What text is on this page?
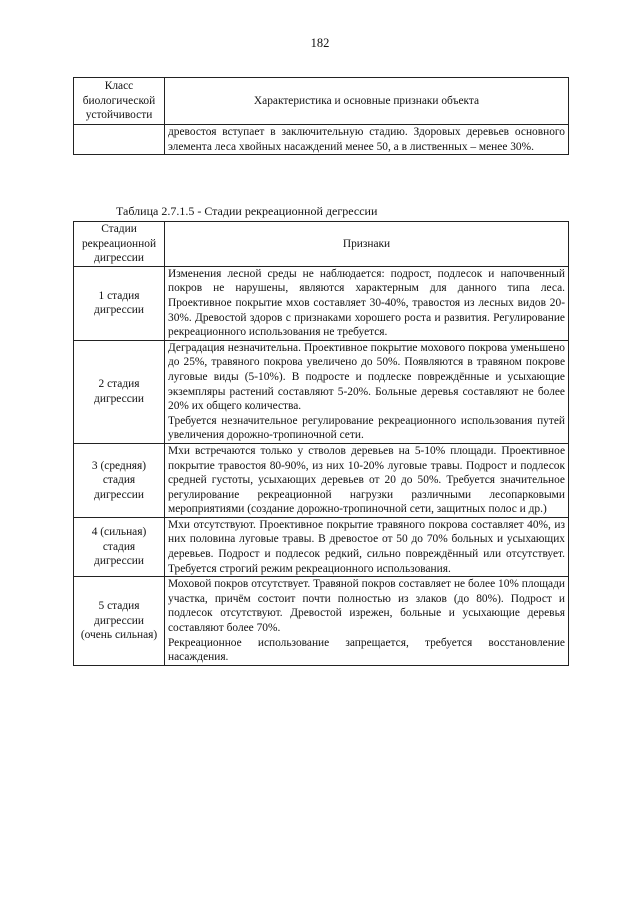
182
Класс биологической устойчивости	Характеристика и основные признаки объекта

	древостоя вступает в заключительную стадию. Здоровых деревьев основного элемента леса хвойных насаждений менее 50, а в лиственных – менее 30%.

Таблица 2.7.1.5 - Стадии рекреационной дегрессии
Стадии рекреационной дигрессии	Признаки
1 стадия дигрессии	Изменения лесной среды не наблюдается: подрост, подлесок и напочвенный покров не нарушены, являются характерным для данного типа леса. Проективное покрытие мхов составляет 30-40%, травостоя из лесных видов 20-30%. Древостой здоров с признаками хорошего роста и развития. Регулирование рекреационного использования не требуется.

2 стадия дигрессии	Деградация незначительна. Проективное покрытие мохового покрова уменьшено до 25%, травяного покрова увеличено до 50%. Появляются в травяном покрове луговые виды (5-10%). В подросте и подлеске повреждённые и усыхающие экземпляры растений составляют 5-20%. Больные деревья составляют не более 20% их общего количества.

Требуется незначительное регулирование рекреационного использования путей увеличения дорожно-тропиночной сети.

3 (средняя) стадия дигрессии	Мхи встречаются только у стволов деревьев на 5-10% площади. Проективное покрытие травостоя 80-90%, из них 10-20% луговые травы. Подрост и подлесок средней густоты, усыхающих деревьев от 20 до 50%. Требуется значительное регулирование рекреационной нагрузки различными лесопарковыми мероприятиями (создание дорожно-тропиночной сети, защитных полос и др.)

4 (сильная) стадия дигрессии	Мхи отсутствуют. Проективное покрытие травяного покрова составляет 40%, из них половина луговые травы. В древостое от 50 до 70% больных и усыхающих деревьев. Подрост и подлесок редкий, сильно повреждённый или отсутствует. Требуется строгий режим рекреационного использования.

5 стадия дигрессии (очень сильная)	Моховой покров отсутствует. Травяной покров составляет не более 10% площади участка, причём состоит почти полностью из злаков (до 80%). Подрост и подлесок отсутствуют. Древостой изрежен, больные и усыхающие деревья составляют более 70%.

Рекреационное использование запрещается, требуется восстановление насаждения.
